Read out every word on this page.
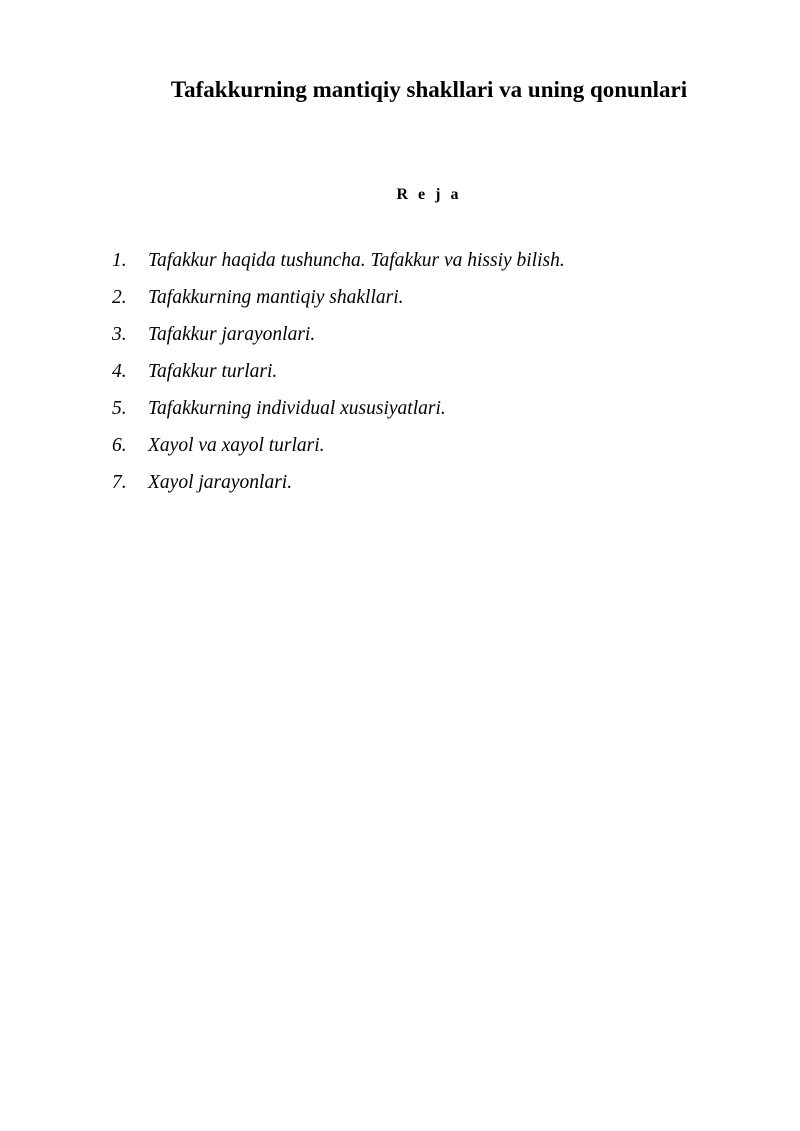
Tafakkurning mantiqiy shakllari va uning qonunlari
R e j a
1.	Tafakkur haqida tushuncha. Tafakkur va hissiy bilish.
2.	Tafakkurning mantiqiy shakllari.
3.	Tafakkur jarayonlari.
4.	Tafakkur turlari.
5.	Tafakkurning individual xususiyatlari.
6.	Xayol va xayol turlari.
7.	Xayol jarayonlari.
